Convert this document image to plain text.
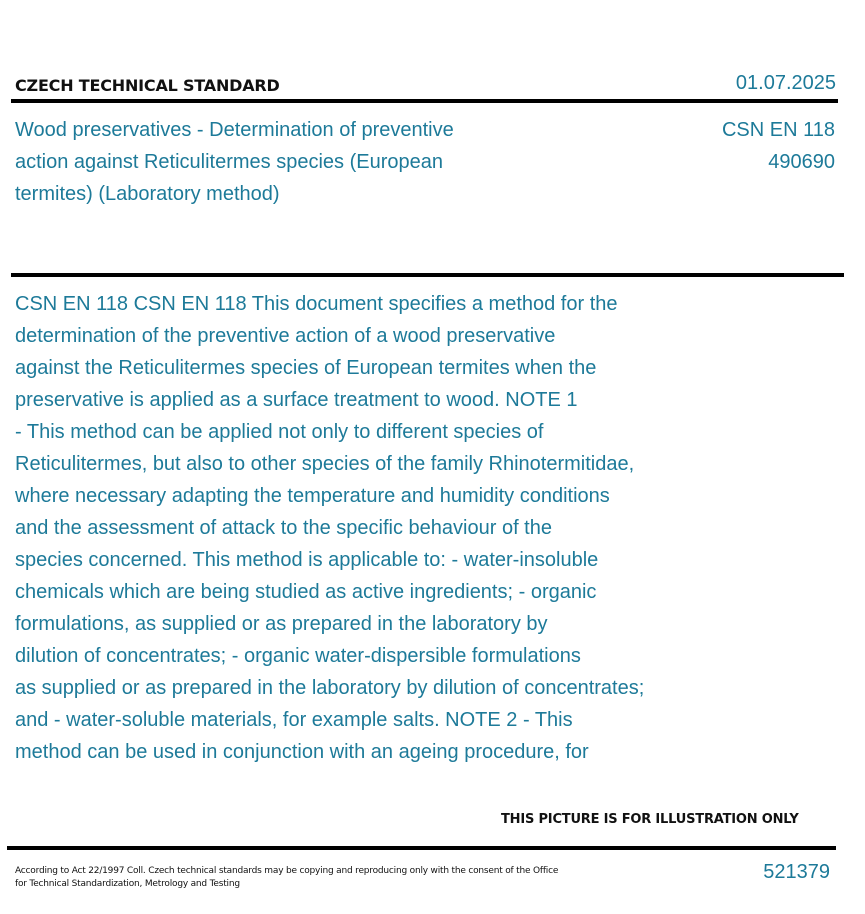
CZECH TECHNICAL STANDARD	01.07.2025
Wood preservatives - Determination of preventive
action against Reticulitermes species (European
termites) (Laboratory method)
CSN EN 118
490690
CSN EN 118 CSN EN 118 This document specifies a method for the
determination of the preventive action of a wood preservative
against the Reticulitermes species of European termites when the
preservative is applied as a surface treatment to wood. NOTE 1
- This method can be applied not only to different species of
Reticulitermes, but also to other species of the family Rhinotermitidae,
where necessary adapting the temperature and humidity conditions
and the assessment of attack to the specific behaviour of the
species concerned. This method is applicable to: - water-insoluble
chemicals which are being studied as active ingredients; - organic
formulations, as supplied or as prepared in the laboratory by
dilution of concentrates; - organic water-dispersible formulations
as supplied or as prepared in the laboratory by dilution of concentrates;
and - water-soluble materials, for example salts. NOTE 2 - This
method can be used in conjunction with an ageing procedure, for
THIS PICTURE IS FOR ILLUSTRATION ONLY
According to Act 22/1997 Coll. Czech technical standards may be copying and reproducing only with the consent of the Office
for Technical Standardization, Metrology and Testing
521379
